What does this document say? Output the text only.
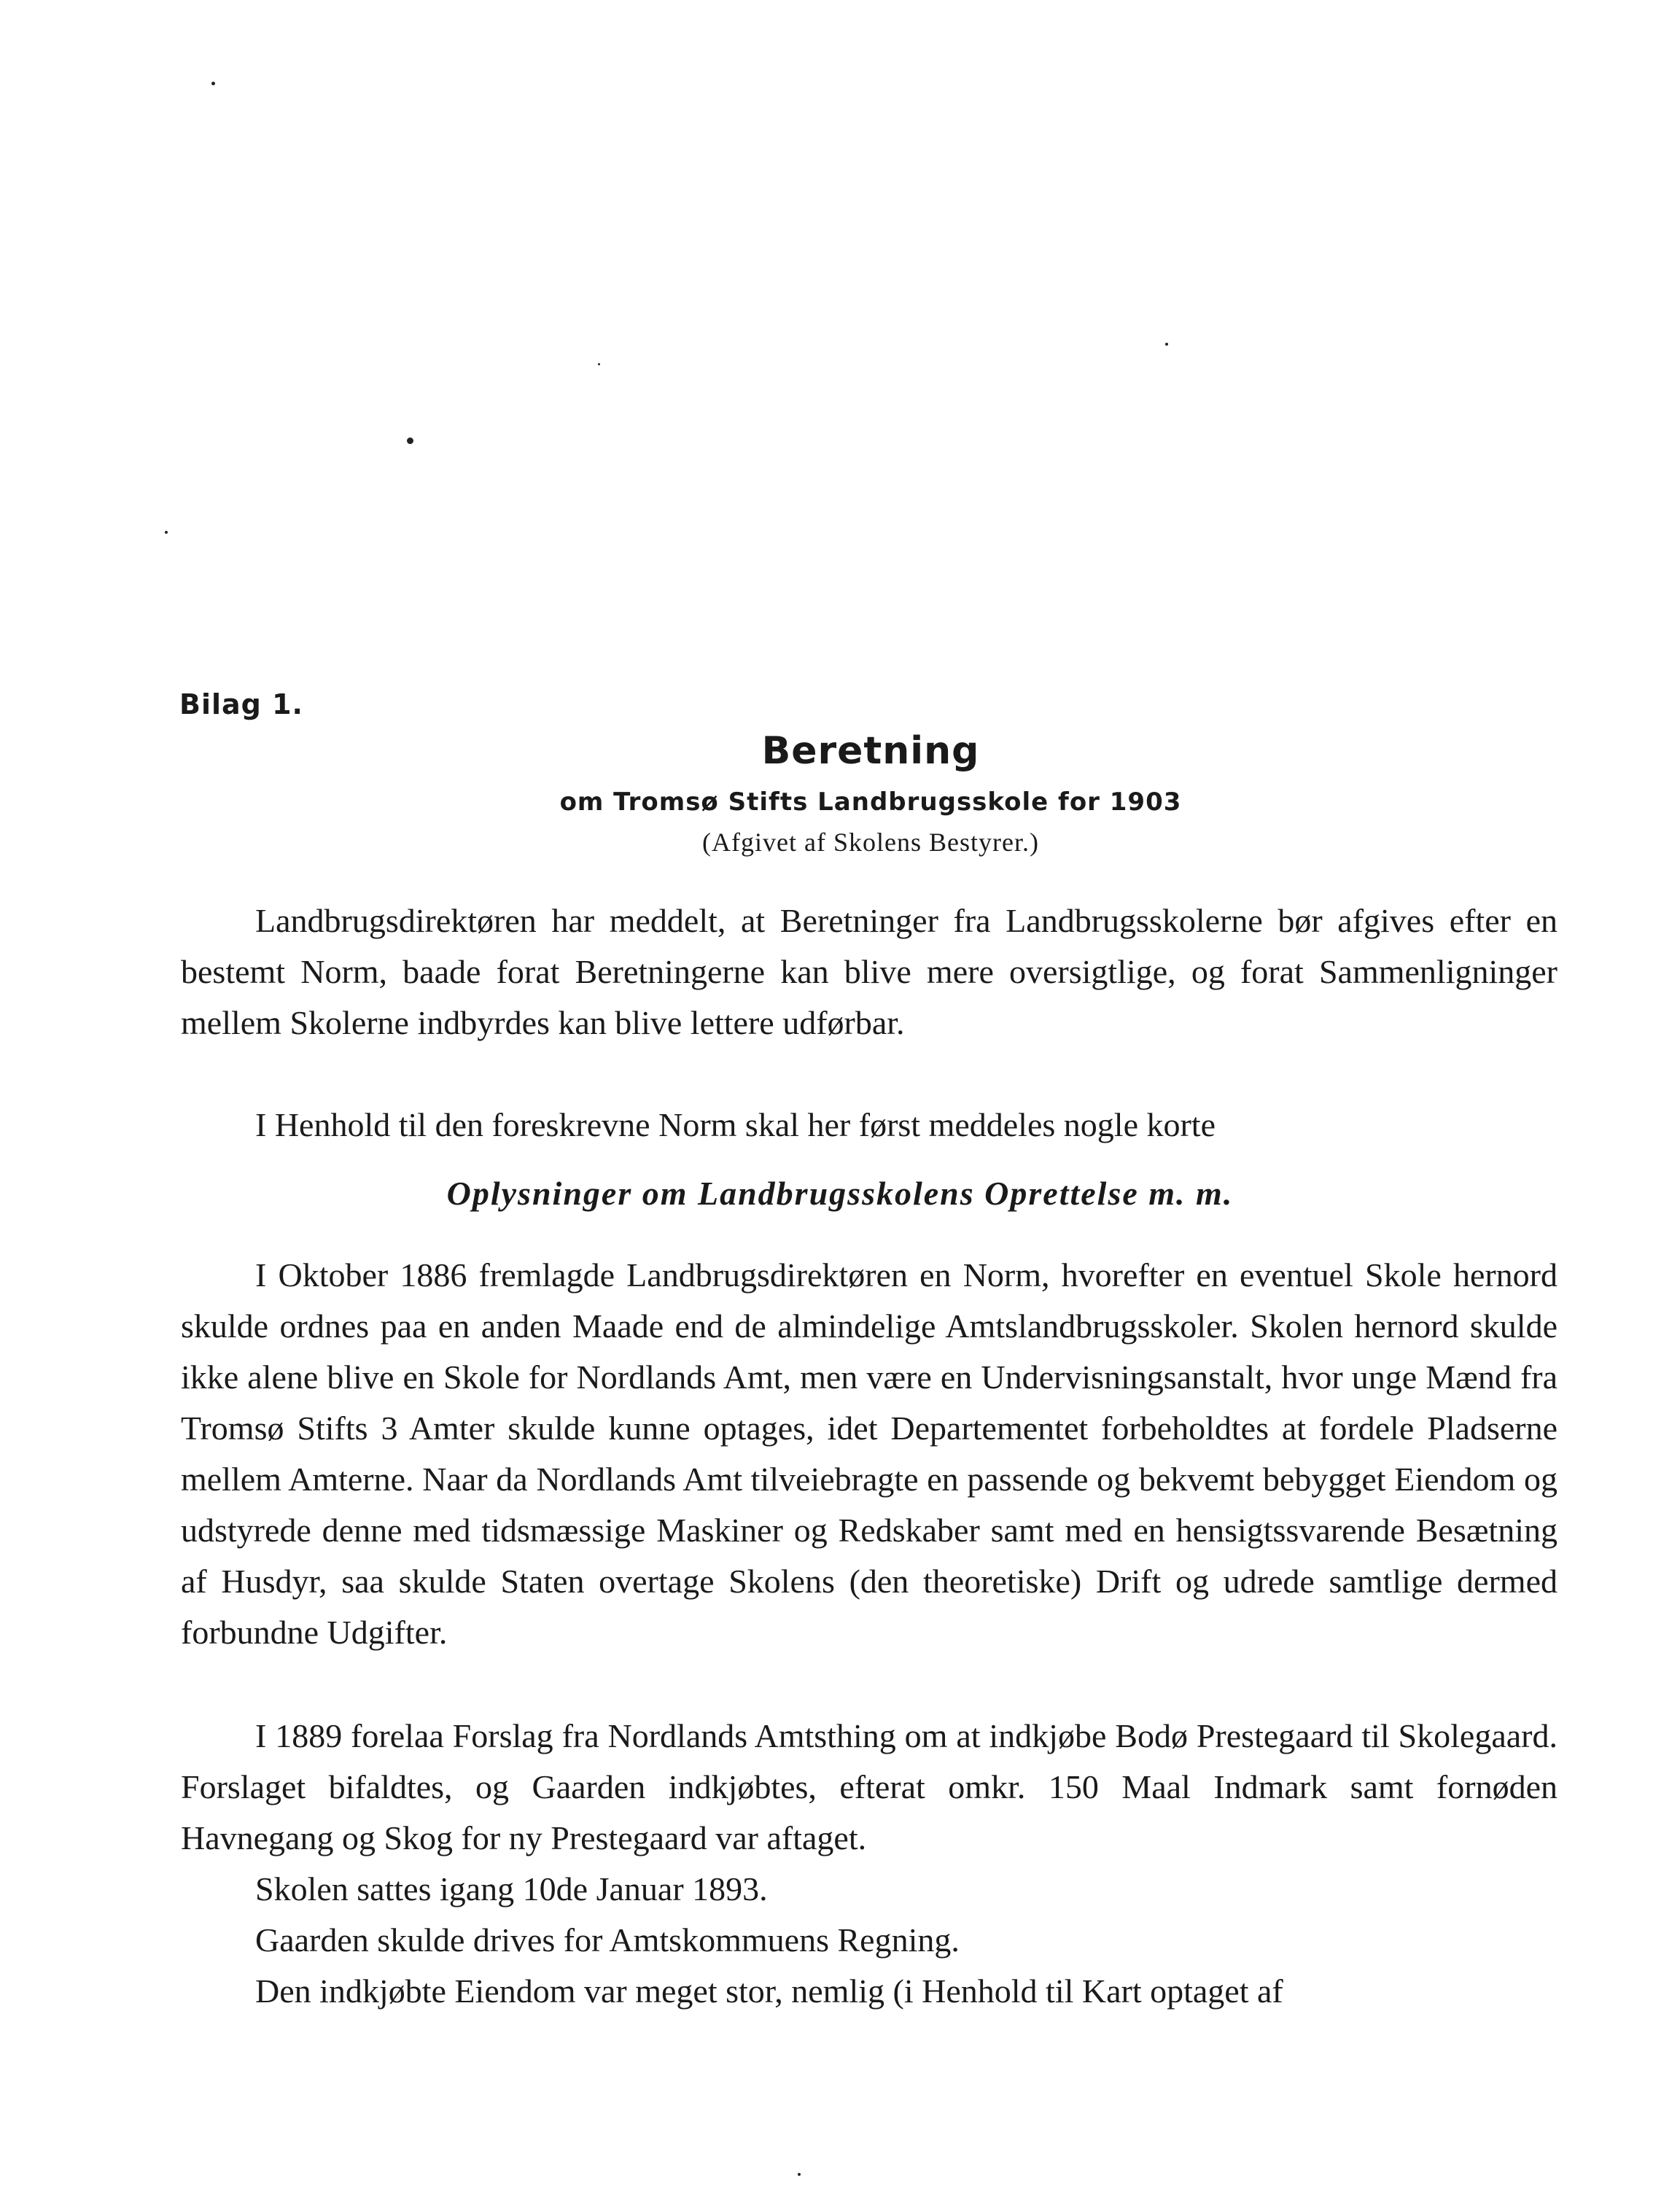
Bilag 1.

Beretning

om Tromsø Stifts Landbrugsskole for 1903

(Afgivet af Skolens Bestyrer.)

Landbrugsdirektøren har meddelt, at Beretninger fra Landbrugsskolerne bør afgives efter en bestemt Norm, baade forat Beretningerne kan blive mere oversigtlige, og forat Sammenligninger mellem Skolerne indbyrdes kan blive lettere udførbar.

I Henhold til den foreskrevne Norm skal her først meddeles nogle korte

Oplysninger om Landbrugsskolens Oprettelse m. m.

I Oktober 1886 fremlagde Landbrugsdirektøren en Norm, hvorefter en eventuel Skole hernord skulde ordnes paa en anden Maade end de almindelige Amtslandbrugsskoler. Skolen hernord skulde ikke alene blive en Skole for Nordlands Amt, men være en Undervisningsanstalt, hvor unge Mænd fra Tromsø Stifts 3 Amter skulde kunne optages, idet Departementet forbeholdtes at fordele Pladserne mellem Amterne. Naar da Nordlands Amt tilveiebragte en passende og bekvemt bebygget Eiendom og udstyrede denne med tidsmæssige Maskiner og Redskaber samt med en hensigtssvarende Besætning af Husdyr, saa skulde Staten overtage Skolens (den theoretiske) Drift og udrede samtlige dermed forbundne Udgifter.

I 1889 forelaa Forslag fra Nordlands Amtsthing om at indkjøbe Bodø Prestegaard til Skolegaard. Forslaget bifaldtes, og Gaarden indkjøbtes, efterat omkr. 150 Maal Indmark samt fornøden Havnegang og Skog for ny Prestegaard var aftaget.

Skolen sattes igang 10de Januar 1893.

Gaarden skulde drives for Amtskommuens Regning.

Den indkjøbte Eiendom var meget stor, nemlig (i Henhold til Kart optaget af
